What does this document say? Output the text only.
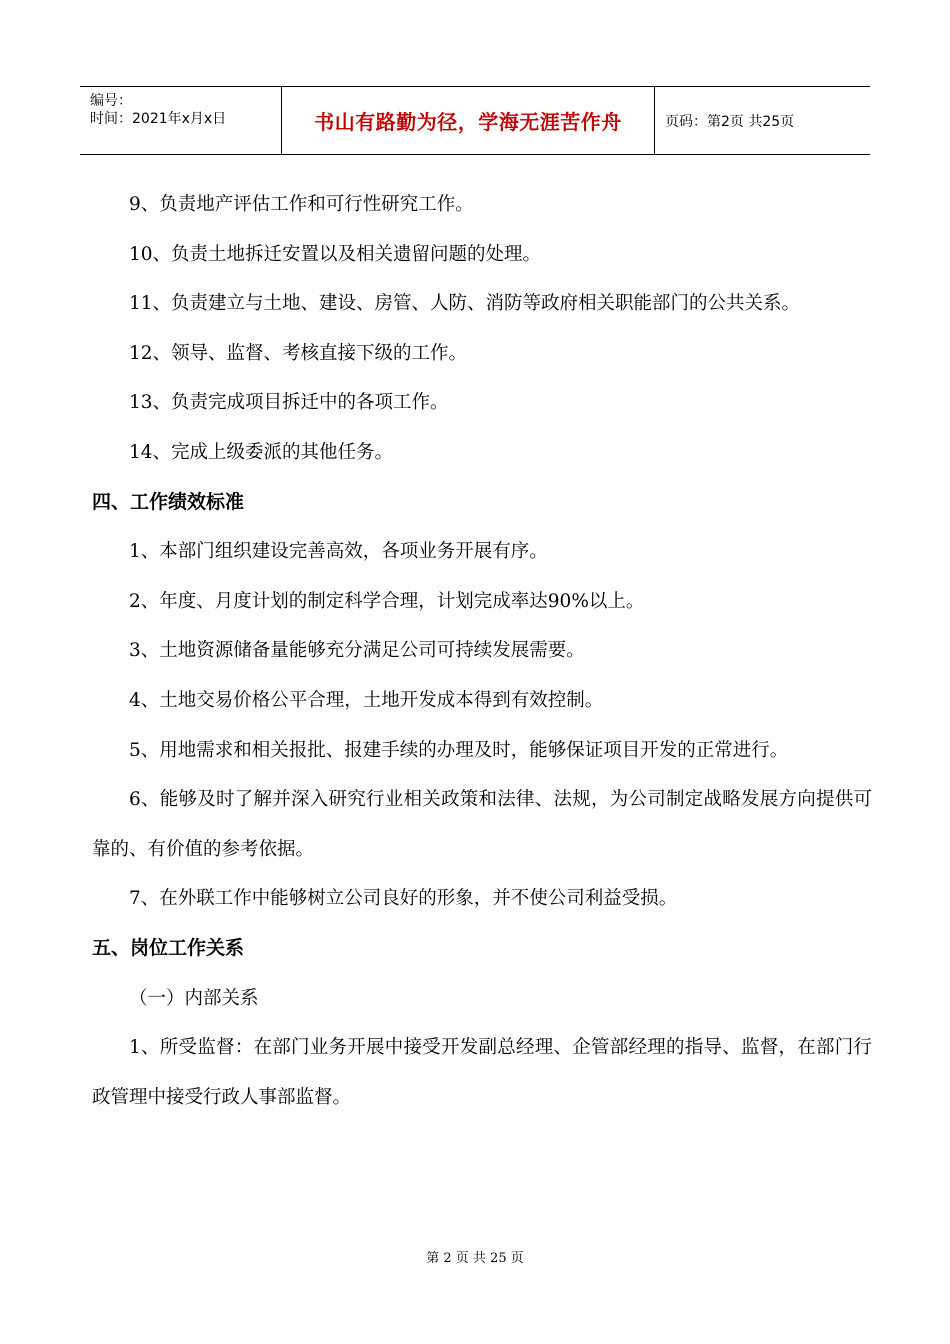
编号：
时间：2021年x月x日	书山有路勤为径，学海无涯苦作舟	页码：第2页 共25页

9、负责地产评估工作和可行性研究工作。

10、负责土地拆迁安置以及相关遗留问题的处理。

11、负责建立与土地、建设、房管、人防、消防等政府相关职能部门的公共关系。

12、领导、监督、考核直接下级的工作。

13、负责完成项目拆迁中的各项工作。

14、完成上级委派的其他任务。

四、工作绩效标准

1、本部门组织建设完善高效，各项业务开展有序。

2、年度、月度计划的制定科学合理，计划完成率达90%以上。

3、土地资源储备量能够充分满足公司可持续发展需要。

4、土地交易价格公平合理，土地开发成本得到有效控制。

5、用地需求和相关报批、报建手续的办理及时，能够保证项目开发的正常进行。

6、能够及时了解并深入研究行业相关政策和法律、法规，为公司制定战略发展方向提供可靠的、有价值的参考依据。

7、在外联工作中能够树立公司良好的形象，并不使公司利益受损。

五、岗位工作关系

（一）内部关系

1、所受监督：在部门业务开展中接受开发副总经理、企管部经理的指导、监督，在部门行政管理中接受行政人事部监督。

第 2 页 共 25 页
